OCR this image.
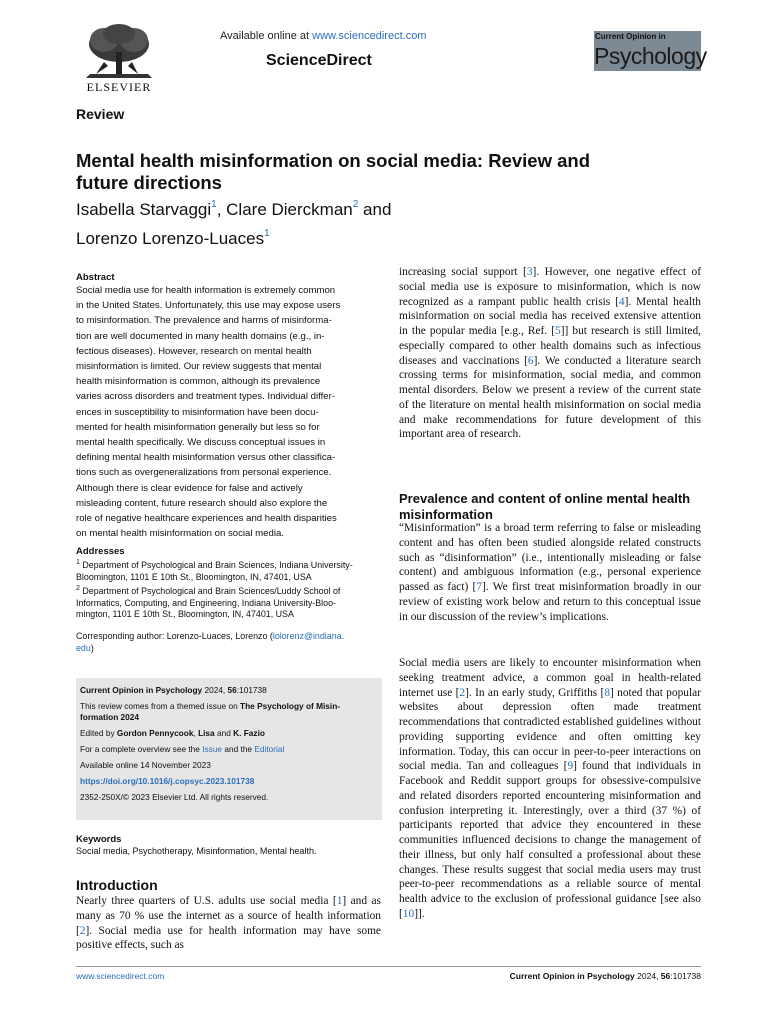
ELSEVIER
Available online at www.sciencedirect.com
ScienceDirect
Current Opinion in
Psychology
Review
Mental health misinformation on social media: Review and future directions
Isabella Starvaggi$^1$, Clare Dierckman$^2$ and
Lorenzo Lorenzo-Luaces$^1$
Abstract
Social media use for health information is extremely common
in the United States. Unfortunately, this use may expose users
to misinformation. The prevalence and harms of misinforma-
tion are well documented in many health domains (e.g., in-
fectious diseases). However, research on mental health
misinformation is limited. Our review suggests that mental
health misinformation is common, although its prevalence
varies across disorders and treatment types. Individual differ-
ences in susceptibility to misinformation have been docu-
mented for health misinformation generally but less so for
mental health specifically. We discuss conceptual issues in
defining mental health misinformation versus other classifica-
tions such as overgeneralizations from personal experience.
Although there is clear evidence for false and actively
misleading content, future research should also explore the
role of negative healthcare experiences and health disparities
on mental health misinformation on social media.
Addresses
$^1$ Department of Psychological and Brain Sciences, Indiana University-
Bloomington, 1101 E 10th St., Bloomington, IN, 47401, USA
$^2$ Department of Psychological and Brain Sciences/Luddy School of
Informatics, Computing, and Engineering, Indiana University-Bloo-
mington, 1101 E 10th St., Bloomington, IN, 47401, USA
Corresponding author: Lorenzo-Luaces, Lorenzo (lolorenz@indiana.
edu)
Current Opinion in Psychology 2024, 56:101738
This review comes from a themed issue on The Psychology of Misin-formation 2024
Edited by Gordon Pennycook, Lisa and K. Fazio
For a complete overview see the Issue and the Editorial
Available online 14 November 2023
https://doi.org/10.1016/j.copsyc.2023.101738
2352-250X/© 2023 Elsevier Ltd. All rights reserved.
Keywords
Social media, Psychotherapy, Misinformation, Mental health.
Introduction
Nearly three quarters of U.S. adults use social media [1] and as many as 70 % use the internet as a source of health information [2]. Social media use for health information may have some positive effects, such as
increasing social support [3]. However, one negative effect of social media use is exposure to misinformation, which is now recognized as a rampant public health crisis [4]. Mental health misinformation on social media has received extensive attention in the popular media [e.g., Ref. [5]] but research is still limited, especially compared to other health domains such as infectious diseases and vaccinations [6]. We conducted a literature search crossing terms for misinformation, social media, and common mental disorders. Below we present a review of the current state of the literature on mental health misinformation on social media and make recommendations for future development of this important area of research.
Prevalence and content of online mental health misinformation
“Misinformation” is a broad term referring to false or misleading content and has often been studied alongside related constructs such as “disinformation” (i.e., intentionally misleading or false content) and ambiguous information (e.g., personal experience passed as fact) [7]. We first treat misinformation broadly in our review of existing work below and return to this conceptual issue in our discussion of the review’s implications.
Social media users are likely to encounter misinformation when seeking treatment advice, a common goal in health-related internet use [2]. In an early study, Griffiths [8] noted that popular websites about depression often made treatment recommendations that contradicted established guidelines without providing supporting evidence and often omitting key information. Today, this can occur in peer-to-peer interactions on social media. Tan and colleagues [9] found that individuals in Facebook and Reddit support groups for obsessive-compulsive and related disorders reported encountering misinformation and confusion interpreting it. Interestingly, over a third (37 %) of participants reported that advice they encountered in these communities influenced decisions to change the management of their illness, but only half consulted a professional about these changes. These results suggest that social media users may trust peer-to-peer recommendations as a reliable source of mental health advice to the exclusion of professional guidance [see also [10]].
www.sciencedirect.com	Current Opinion in Psychology 2024, 56:101738
